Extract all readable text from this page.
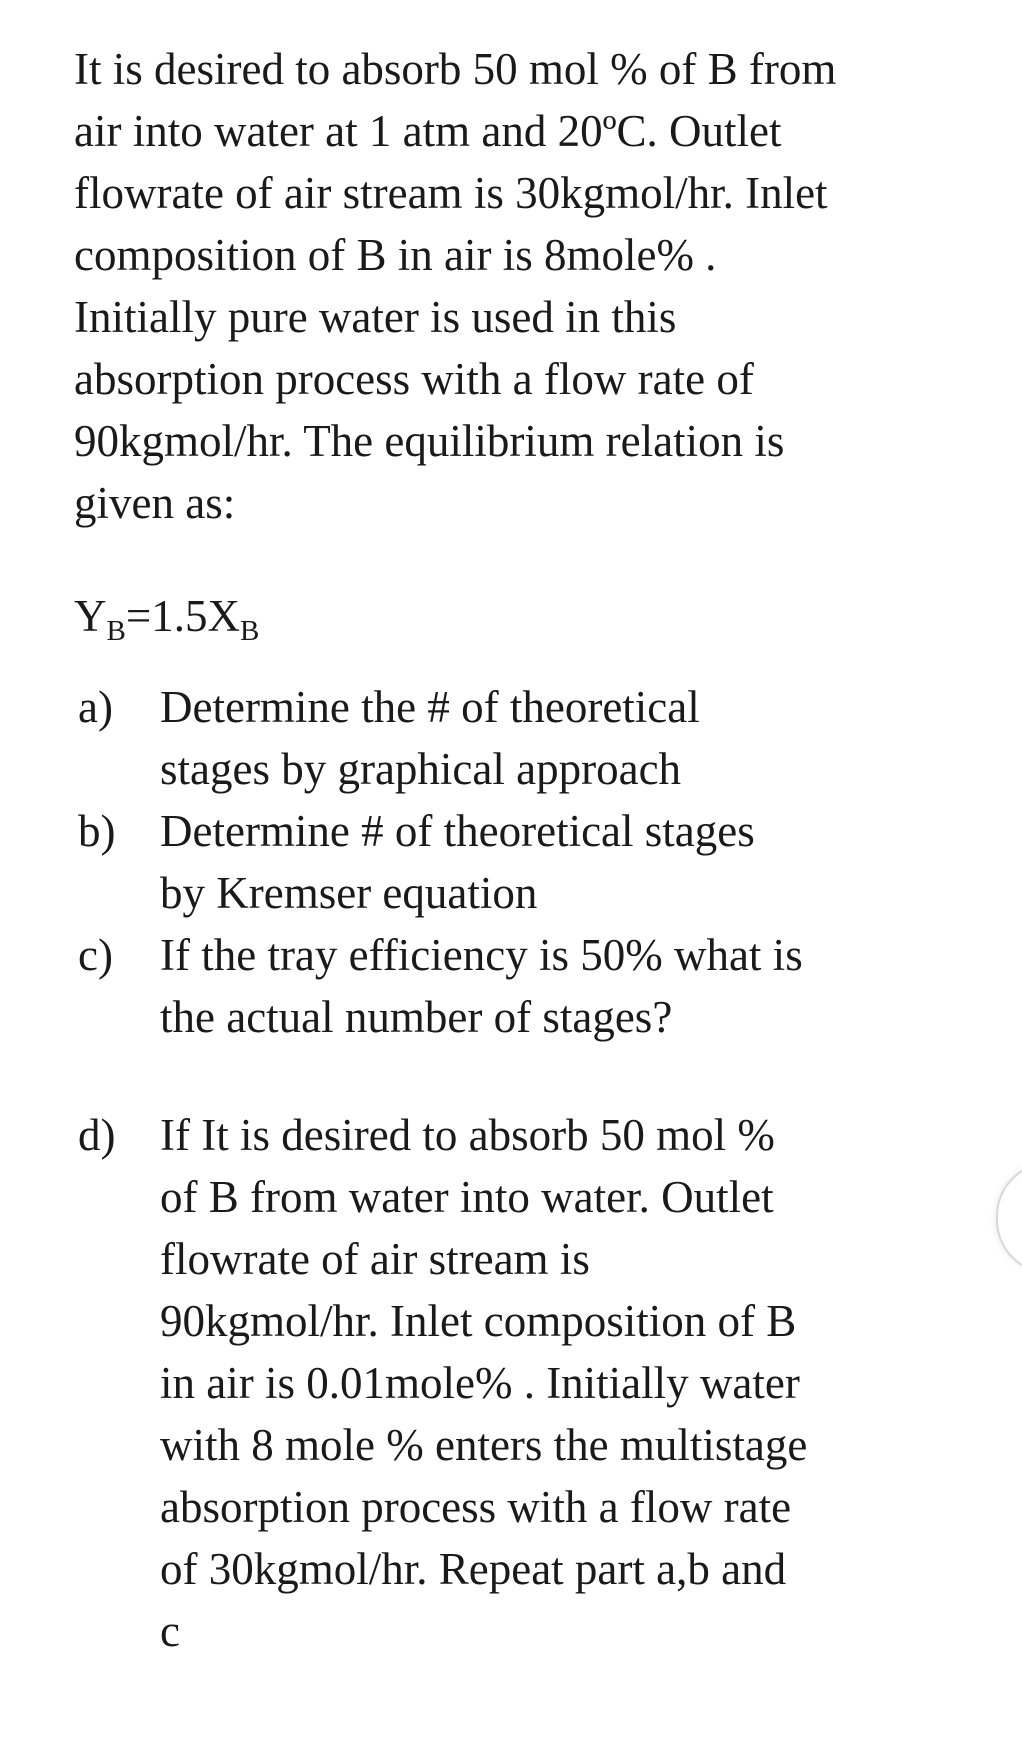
It is desired to absorb 50 mol % of B from
air into water at 1 atm and 20ºC. Outlet
flowrate of air stream is 30kgmol/hr. Inlet
composition of B in air is 8mole% .
Initially pure water is used in this
absorption process with a flow rate of
90kgmol/hr. The equilibrium relation is
given as:

$Y_B=1.5X_B$
a) Determine the # of theoretical
stages by graphical approach
b) Determine # of theoretical stages
by Kremser equation
c) If the tray efficiency is 50% what is
the actual number of stages?
d) If It is desired to absorb 50 mol %
of B from water into water. Outlet
flowrate of air stream is
90kgmol/hr. Inlet composition of B
in air is 0.01mole% . Initially water
with 8 mole % enters the multistage
absorption process with a flow rate
of 30kgmol/hr. Repeat part a,b and
c
